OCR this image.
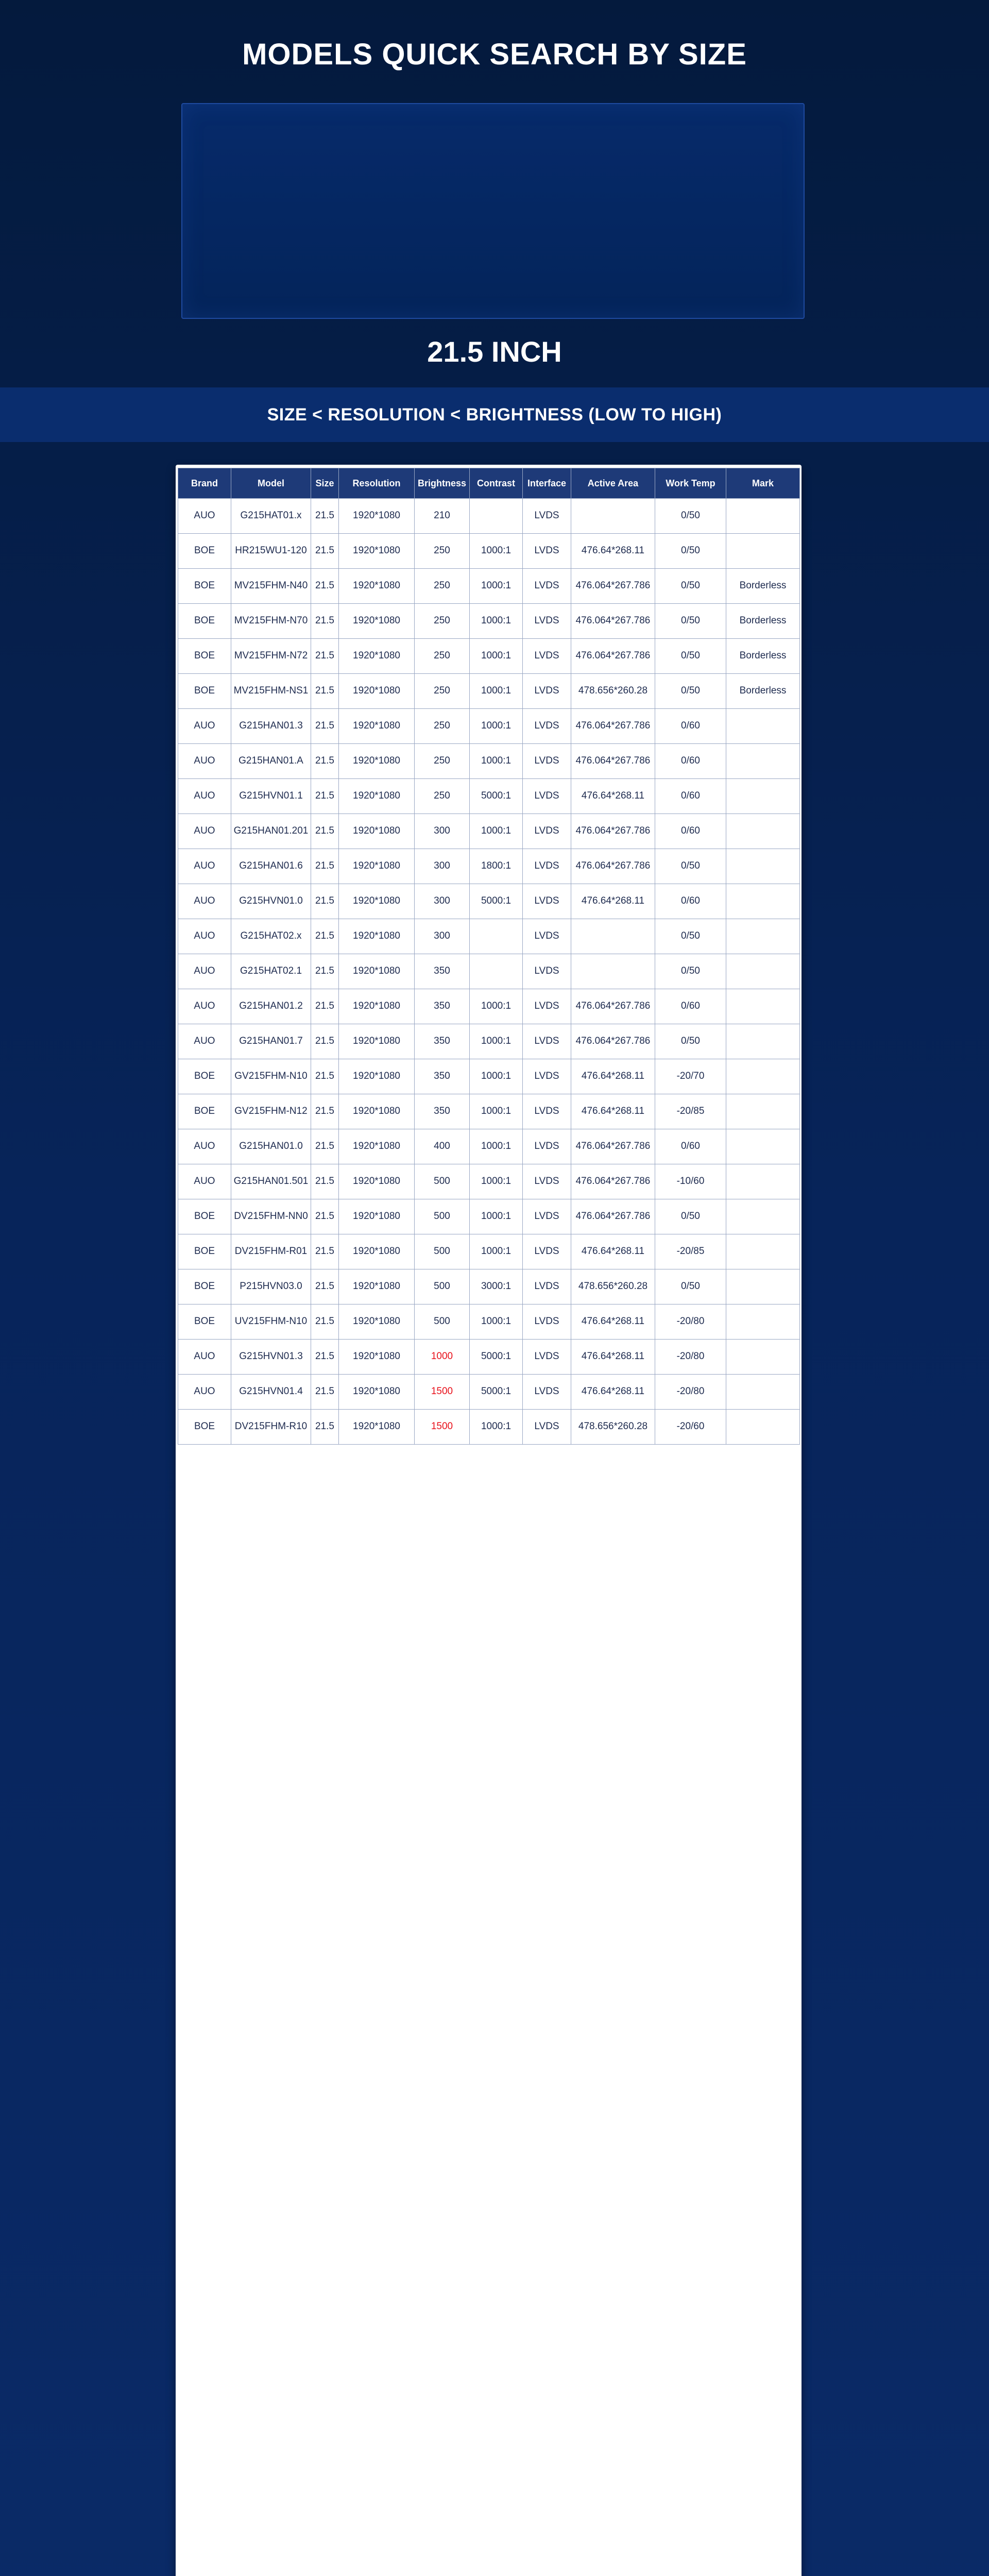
MODELS QUICK SEARCH BY SIZE
21.5 INCH
SIZE < RESOLUTION < BRIGHTNESS (LOW TO HIGH)
Brand	Model	Size	Resolution	Brightness	Contrast	Interface	Active Area	Work Temp	Mark
AUO	G215HAT01.x	21.5	1920*1080	210		LVDS		0/50	
BOE	HR215WU1-120	21.5	1920*1080	250	1000:1	LVDS	476.64*268.11	0/50	
BOE	MV215FHM-N40	21.5	1920*1080	250	1000:1	LVDS	476.064*267.786	0/50	Borderless
BOE	MV215FHM-N70	21.5	1920*1080	250	1000:1	LVDS	476.064*267.786	0/50	Borderless
BOE	MV215FHM-N72	21.5	1920*1080	250	1000:1	LVDS	476.064*267.786	0/50	Borderless
BOE	MV215FHM-NS1	21.5	1920*1080	250	1000:1	LVDS	478.656*260.28	0/50	Borderless
AUO	G215HAN01.3	21.5	1920*1080	250	1000:1	LVDS	476.064*267.786	0/60	
AUO	G215HAN01.A	21.5	1920*1080	250	1000:1	LVDS	476.064*267.786	0/60	
AUO	G215HVN01.1	21.5	1920*1080	250	5000:1	LVDS	476.64*268.11	0/60	
AUO	G215HAN01.201	21.5	1920*1080	300	1000:1	LVDS	476.064*267.786	0/60	
AUO	G215HAN01.6	21.5	1920*1080	300	1800:1	LVDS	476.064*267.786	0/50	
AUO	G215HVN01.0	21.5	1920*1080	300	5000:1	LVDS	476.64*268.11	0/60	
AUO	G215HAT02.x	21.5	1920*1080	300		LVDS		0/50	
AUO	G215HAT02.1	21.5	1920*1080	350		LVDS		0/50	
AUO	G215HAN01.2	21.5	1920*1080	350	1000:1	LVDS	476.064*267.786	0/60	
AUO	G215HAN01.7	21.5	1920*1080	350	1000:1	LVDS	476.064*267.786	0/50	
BOE	GV215FHM-N10	21.5	1920*1080	350	1000:1	LVDS	476.64*268.11	-20/70	
BOE	GV215FHM-N12	21.5	1920*1080	350	1000:1	LVDS	476.64*268.11	-20/85	
AUO	G215HAN01.0	21.5	1920*1080	400	1000:1	LVDS	476.064*267.786	0/60	
AUO	G215HAN01.501	21.5	1920*1080	500	1000:1	LVDS	476.064*267.786	-10/60	
BOE	DV215FHM-NN0	21.5	1920*1080	500	1000:1	LVDS	476.064*267.786	0/50	
BOE	DV215FHM-R01	21.5	1920*1080	500	1000:1	LVDS	476.64*268.11	-20/85	
BOE	P215HVN03.0	21.5	1920*1080	500	3000:1	LVDS	478.656*260.28	0/50	
BOE	UV215FHM-N10	21.5	1920*1080	500	1000:1	LVDS	476.64*268.11	-20/80	
AUO	G215HVN01.3	21.5	1920*1080	1000	5000:1	LVDS	476.64*268.11	-20/80	
AUO	G215HVN01.4	21.5	1920*1080	1500	5000:1	LVDS	476.64*268.11	-20/80	
BOE	DV215FHM-R10	21.5	1920*1080	1500	1000:1	LVDS	478.656*260.28	-20/60	
